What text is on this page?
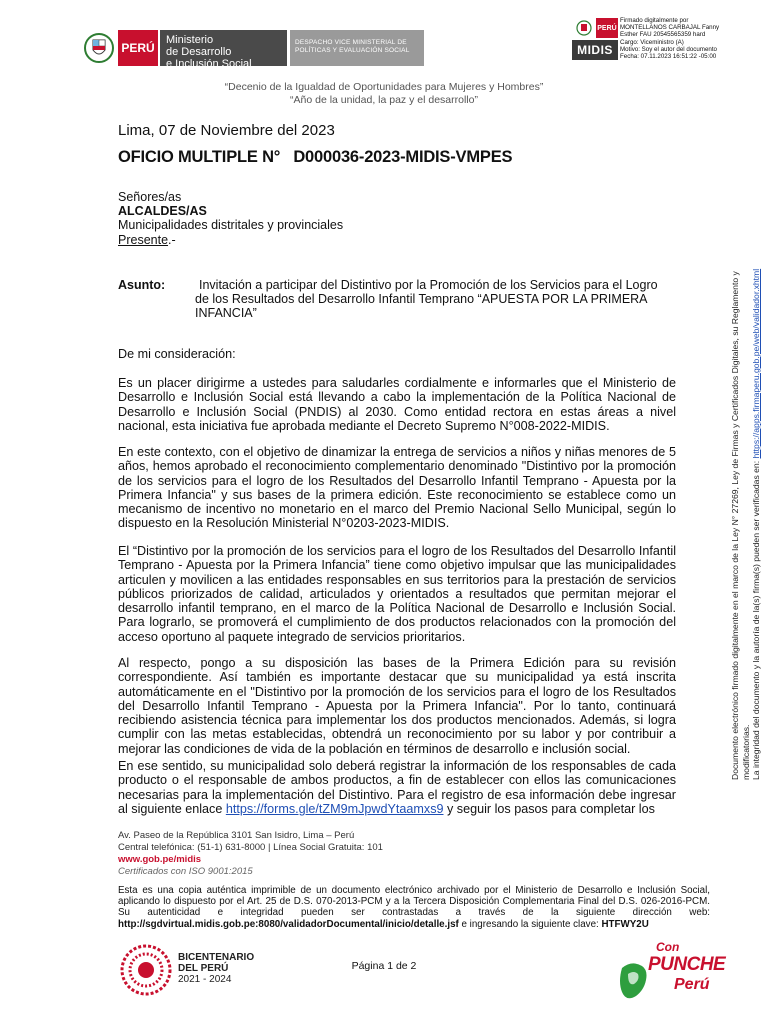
PERÚ
Ministerio
de Desarrollo
e Inclusión Social
DESPACHO VICE MINISTERIAL DE
POLÍTICAS Y EVALUACIÓN SOCIAL
PERÚ
MIDIS
Firmado digitalmente por
MONTELLANOS CARBAJAL Fanny
Esther FAU 20545565359 hard
Cargo: Viceministro (A)
Motivo: Soy el autor del documento
Fecha: 07.11.2023 16:51:22 -05:00
“Decenio de la Igualdad de Oportunidades para Mujeres y Hombres”
“Año de la unidad, la paz y el desarrollo”
Lima, 07 de Noviembre del 2023
OFICIO MULTIPLE N°   D000036-2023-MIDIS-VMPES
Señores/as
ALCALDES/AS
Municipalidades distritales y provinciales
Presente.-
Asunto:	Invitación a participar del Distintivo por la Promoción de los Servicios para el Logro
de los Resultados del Desarrollo Infantil Temprano “APUESTA POR LA PRIMERA
INFANCIA”
De mi consideración:
Es un placer dirigirme a ustedes para saludarles cordialmente e informarles que el Ministerio de Desarrollo e Inclusión Social está llevando a cabo la implementación de la Política Nacional de Desarrollo e Inclusión Social (PNDIS) al 2030. Como entidad rectora en estas áreas a nivel nacional, esta iniciativa fue aprobada mediante el Decreto Supremo N°008-2022-MIDIS.
En este contexto, con el objetivo de dinamizar la entrega de servicios a niños y niñas menores de 5 años, hemos aprobado el reconocimiento complementario denominado "Distintivo por la promoción de los servicios para el logro de los Resultados del Desarrollo Infantil Temprano - Apuesta por la Primera Infancia" y sus bases de la primera edición. Este reconocimiento se establece como un mecanismo de incentivo no monetario en el marco del Premio Nacional Sello Municipal, según lo dispuesto en la Resolución Ministerial N°0203-2023-MIDIS.
El “Distintivo por la promoción de los servicios para el logro de los Resultados del Desarrollo Infantil Temprano - Apuesta por la Primera Infancia” tiene como objetivo impulsar que las municipalidades articulen y movilicen a las entidades responsables en sus territorios para la prestación de servicios públicos priorizados de calidad, articulados y orientados a resultados que permitan mejorar el desarrollo infantil temprano, en el marco de la Política Nacional de Desarrollo e Inclusión Social. Para lograrlo, se promoverá el cumplimiento de dos productos relacionados con la promoción del acceso oportuno al paquete integrado de servicios prioritarios.
Al respecto, pongo a su disposición las bases de la Primera Edición para su revisión correspondiente. Así también es importante destacar que su municipalidad ya está inscrita automáticamente en el "Distintivo por la promoción de los servicios para el logro de los Resultados del Desarrollo Infantil Temprano - Apuesta por la Primera Infancia". Por lo tanto, continuará recibiendo asistencia técnica para implementar los dos productos mencionados. Además, si logra cumplir con las metas establecidas, obtendrá un reconocimiento por su labor y por contribuir a mejorar las condiciones de vida de la población en términos de desarrollo e inclusión social.
En ese sentido, su municipalidad solo deberá registrar la información de los responsables de cada producto o el responsable de ambos productos, a fin de establecer con ellos las comunicaciones necesarias para la implementación del Distintivo. Para el registro de esa información debe ingresar al siguiente enlace https://forms.gle/tZM9mJpwdYtaamxs9 y seguir los pasos para completar los
Av. Paseo de la República 3101 San Isidro, Lima – Perú
Central telefónica: (51-1) 631-8000 | Línea Social Gratuita: 101
www.gob.pe/midis
Certificados con ISO 9001:2015
Esta es una copia auténtica imprimible de un documento electrónico archivado por el Ministerio de Desarrollo e Inclusión Social, aplicando lo dispuesto por el Art. 25 de D.S. 070-2013-PCM y a la Tercera Disposición Complementaria Final del D.S. 026-2016-PCM. Su autenticidad e integridad pueden ser contrastadas a través de la siguiente dirección web: http://sgdvirtual.midis.gob.pe:8080/validadorDocumental/inicio/detalle.jsf e ingresando la siguiente clave: HTFWY2U
BICENTENARIO
DEL PERÚ
2021 - 2024
Página 1 de 2
Con
PUNCHE
Perú
Documento electrónico firmado digitalmente en el marco de la Ley N° 27269, Ley de Firmas y Certificados Digitales, su Reglamento y modificatorias. La integridad del documento y la autoría de la(s) firma(s) pueden ser verificadas en: https://apps.firmaperu.gob.pe/web/validador.xhtml
